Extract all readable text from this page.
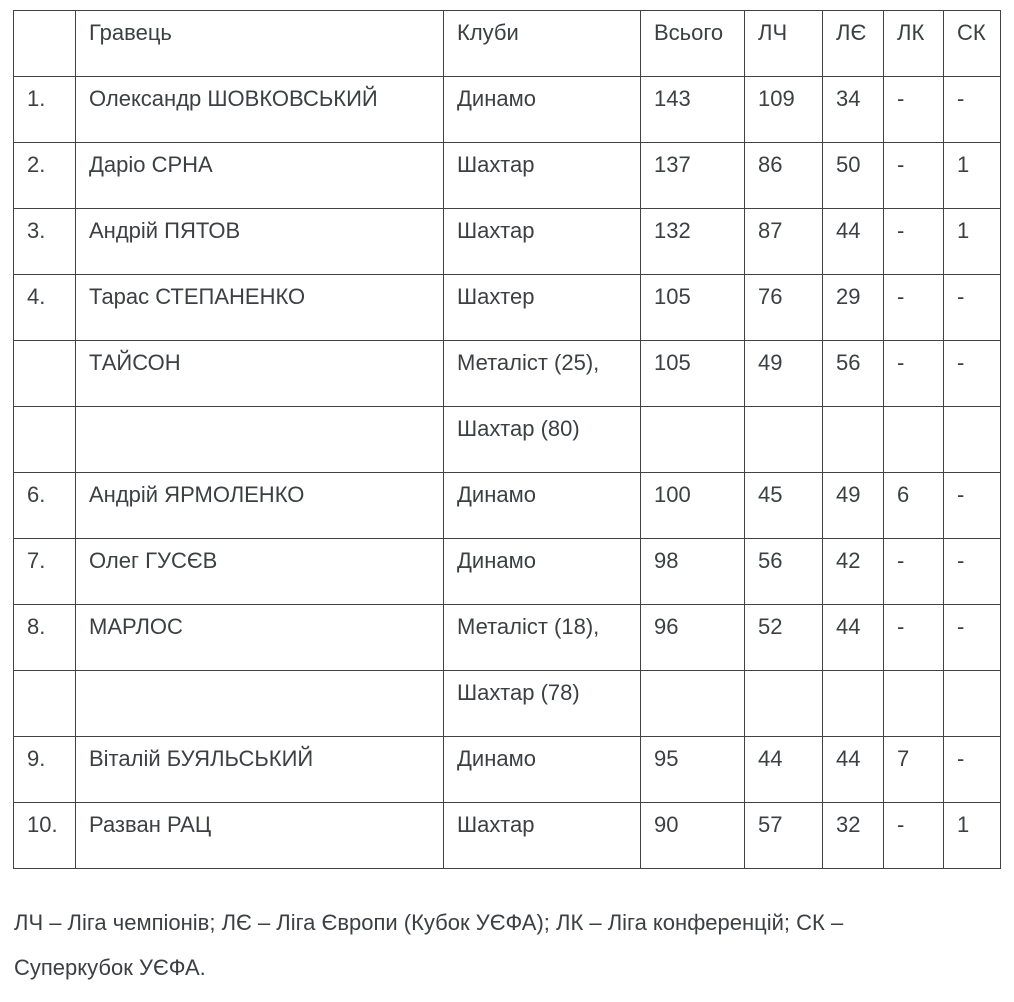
	Гравець	Клуби	Всього	ЛЧ	ЛЄ	ЛК	СК
1.	Олександр ШОВКОВСЬКИЙ	Динамо	143	109	34	-	-
2.	Даріо СРНА	Шахтар	137	86	50	-	1
3.	Андрій ПЯТОВ	Шахтар	132	87	44	-	1
4.	Тарас СТЕПАНЕНКО	Шахтер	105	76	29	-	-
	ТАЙСОН	Металіст (25),	105	49	56	-	-
		Шахтар (80)					
6.	Андрій ЯРМОЛЕНКО	Динамо	100	45	49	6	-
7.	Олег ГУСЄВ	Динамо	98	56	42	-	-
8.	МАРЛОС	Металіст (18),	96	52	44	-	-
		Шахтар (78)					
9.	Віталій БУЯЛЬСЬКИЙ	Динамо	95	44	44	7	-
10.	Разван РАЦ	Шахтар	90	57	32	-	1

ЛЧ – Ліга чемпіонів; ЛЄ – Ліга Європи (Кубок УЄФА); ЛК – Ліга конференцій; СК –
Суперкубок УЄФА.
